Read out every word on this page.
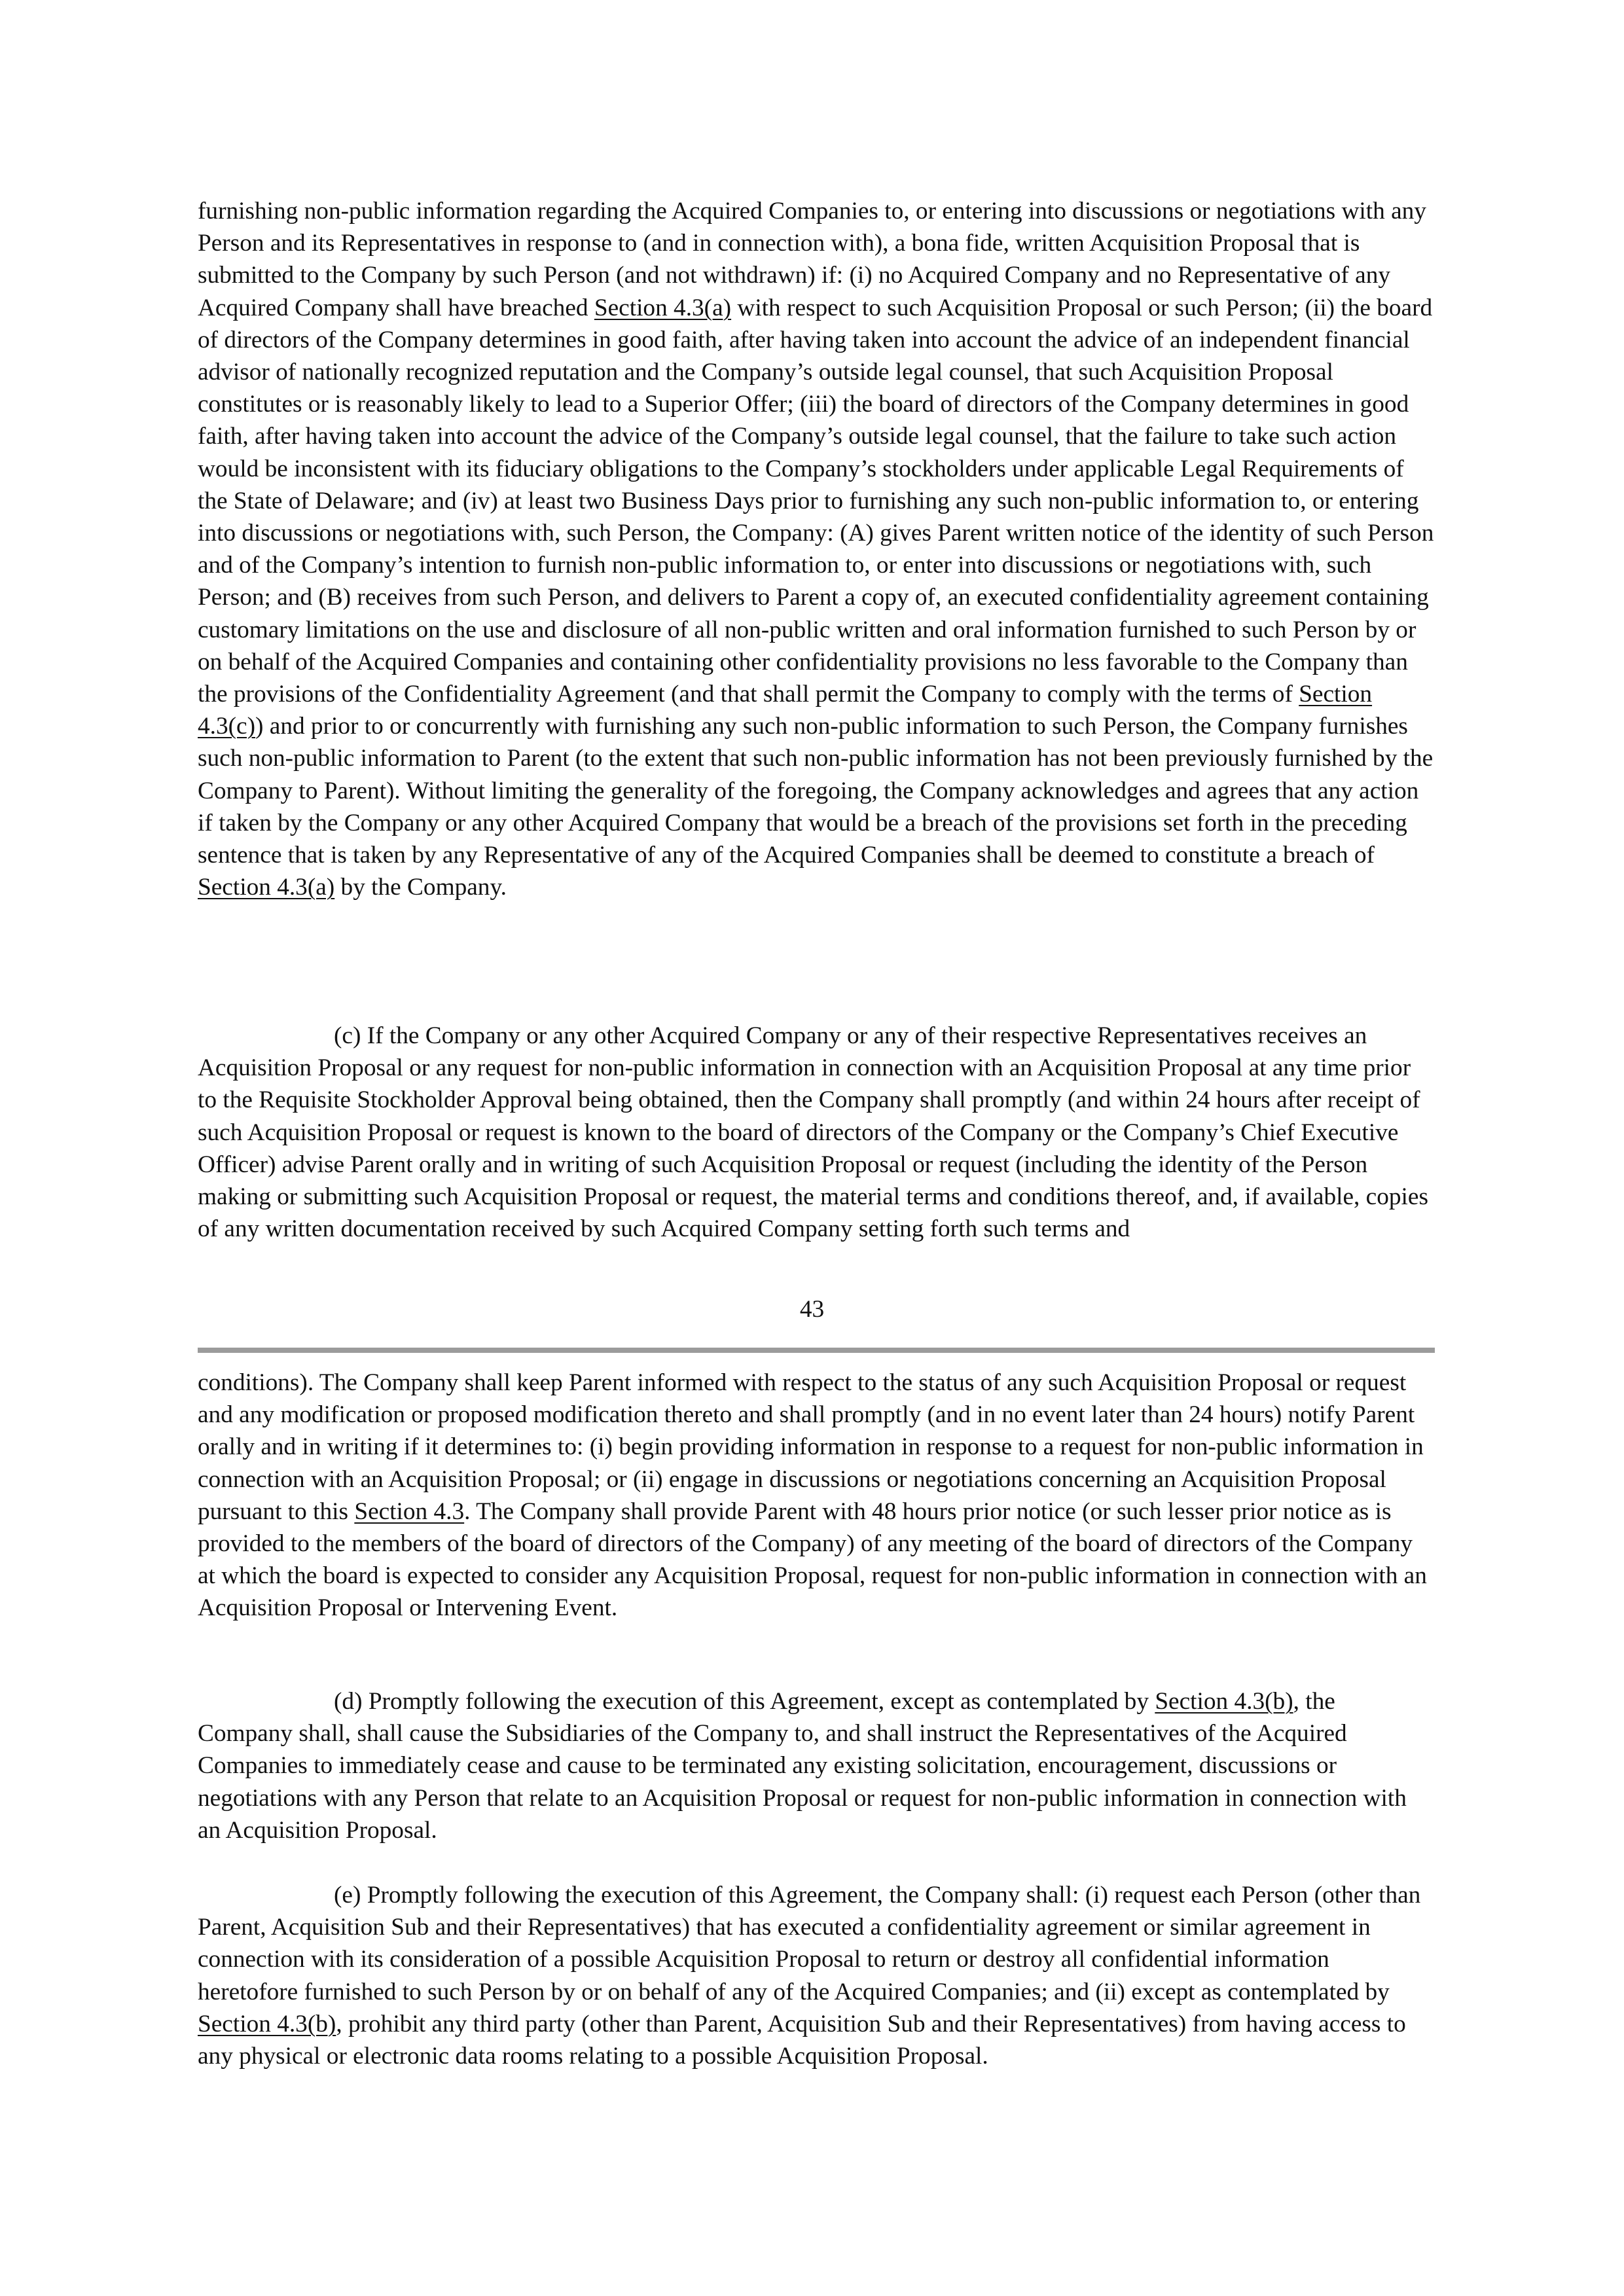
furnishing non-public information regarding the Acquired Companies to, or entering into discussions or negotiations with any Person and its Representatives in response to (and in connection with), a bona fide, written Acquisition Proposal that is submitted to the Company by such Person (and not withdrawn) if: (i) no Acquired Company and no Representative of any Acquired Company shall have breached Section 4.3(a) with respect to such Acquisition Proposal or such Person; (ii) the board of directors of the Company determines in good faith, after having taken into account the advice of an independent financial advisor of nationally recognized reputation and the Company’s outside legal counsel, that such Acquisition Proposal constitutes or is reasonably likely to lead to a Superior Offer; (iii) the board of directors of the Company determines in good faith, after having taken into account the advice of the Company’s outside legal counsel, that the failure to take such action would be inconsistent with its fiduciary obligations to the Company’s stockholders under applicable Legal Requirements of the State of Delaware; and (iv) at least two Business Days prior to furnishing any such non-public information to, or entering into discussions or negotiations with, such Person, the Company: (A) gives Parent written notice of the identity of such Person and of the Company’s intention to furnish non-public information to, or enter into discussions or negotiations with, such Person; and (B) receives from such Person, and delivers to Parent a copy of, an executed confidentiality agreement containing customary limitations on the use and disclosure of all non-public written and oral information furnished to such Person by or on behalf of the Acquired Companies and containing other confidentiality provisions no less favorable to the Company than the provisions of the Confidentiality Agreement (and that shall permit the Company to comply with the terms of Section 4.3(c)) and prior to or concurrently with furnishing any such non-public information to such Person, the Company furnishes such non-public information to Parent (to the extent that such non-public information has not been previously furnished by the Company to Parent). Without limiting the generality of the foregoing, the Company acknowledges and agrees that any action if taken by the Company or any other Acquired Company that would be a breach of the provisions set forth in the preceding sentence that is taken by any Representative of any of the Acquired Companies shall be deemed to constitute a breach of Section 4.3(a) by the Company.

(c) If the Company or any other Acquired Company or any of their respective Representatives receives an Acquisition Proposal or any request for non-public information in connection with an Acquisition Proposal at any time prior to the Requisite Stockholder Approval being obtained, then the Company shall promptly (and within 24 hours after receipt of such Acquisition Proposal or request is known to the board of directors of the Company or the Company’s Chief Executive Officer) advise Parent orally and in writing of such Acquisition Proposal or request (including the identity of the Person making or submitting such Acquisition Proposal or request, the material terms and conditions thereof, and, if available, copies of any written documentation received by such Acquired Company setting forth such terms and

43

conditions). The Company shall keep Parent informed with respect to the status of any such Acquisition Proposal or request and any modification or proposed modification thereto and shall promptly (and in no event later than 24 hours) notify Parent orally and in writing if it determines to: (i) begin providing information in response to a request for non-public information in connection with an Acquisition Proposal; or (ii) engage in discussions or negotiations concerning an Acquisition Proposal pursuant to this Section 4.3. The Company shall provide Parent with 48 hours prior notice (or such lesser prior notice as is provided to the members of the board of directors of the Company) of any meeting of the board of directors of the Company at which the board is expected to consider any Acquisition Proposal, request for non-public information in connection with an Acquisition Proposal or Intervening Event.

(d) Promptly following the execution of this Agreement, except as contemplated by Section 4.3(b), the Company shall, shall cause the Subsidiaries of the Company to, and shall instruct the Representatives of the Acquired Companies to immediately cease and cause to be terminated any existing solicitation, encouragement, discussions or negotiations with any Person that relate to an Acquisition Proposal or request for non-public information in connection with an Acquisition Proposal.

(e) Promptly following the execution of this Agreement, the Company shall: (i) request each Person (other than Parent, Acquisition Sub and their Representatives) that has executed a confidentiality agreement or similar agreement in connection with its consideration of a possible Acquisition Proposal to return or destroy all confidential information heretofore furnished to such Person by or on behalf of any of the Acquired Companies; and (ii) except as contemplated by Section 4.3(b), prohibit any third party (other than Parent, Acquisition Sub and their Representatives) from having access to any physical or electronic data rooms relating to a possible Acquisition Proposal.
